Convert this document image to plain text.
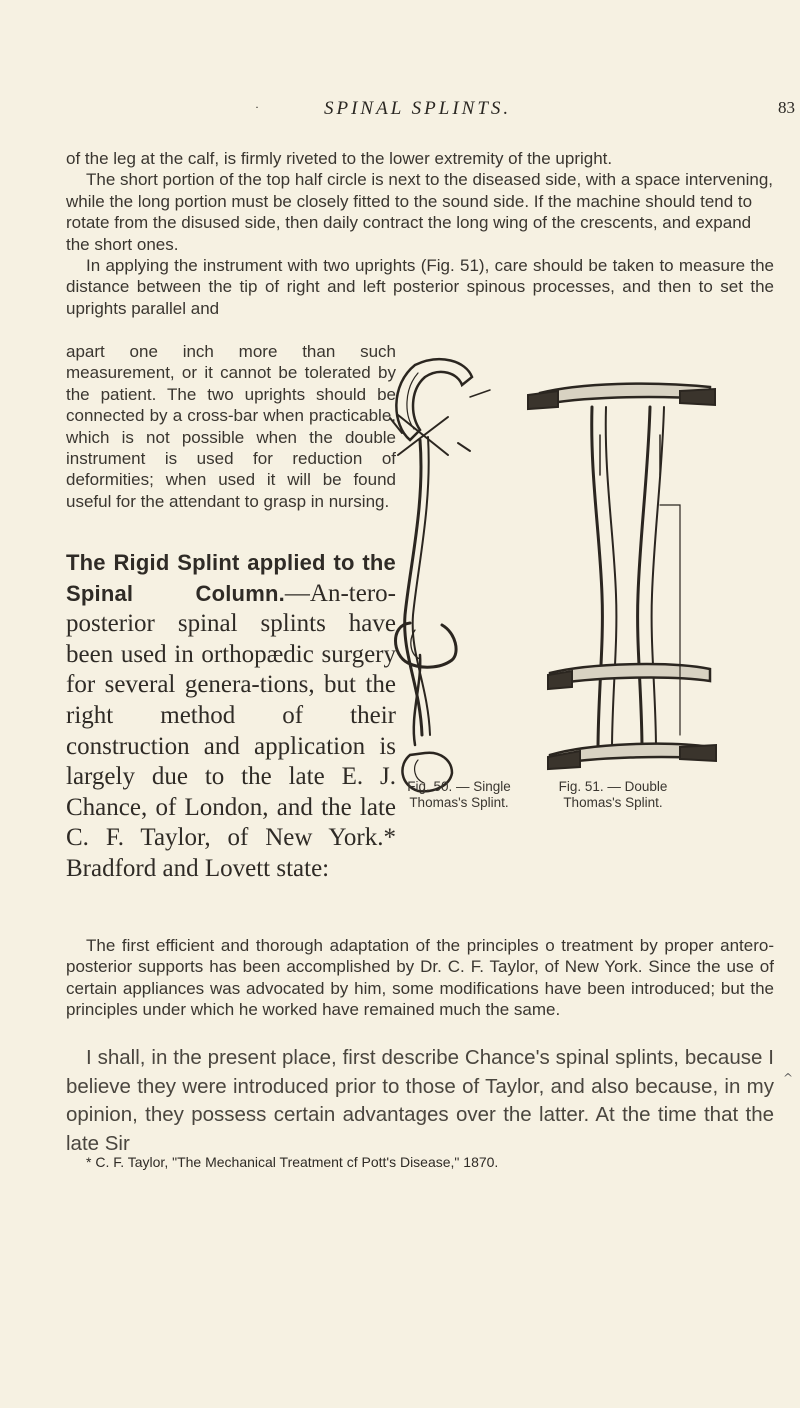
·	SPINAL SPLINTS.	83

of the leg at the calf, is firmly riveted to the lower extremity of the upright.

The short portion of the top half circle is next to the diseased side, with a space intervening, while the long portion must be closely fitted to the sound side. If the machine should tend to rotate from the disused side, then daily contract the long wing of the crescents, and expand the short ones.

In applying the instrument with two uprights (Fig. 51), care should be taken to measure the distance between the tip of right and left posterior spinous processes, and then to set the uprights parallel and

apart one inch more than such measurement, or it cannot be tolerated by the patient. The two uprights should be connected by a cross-bar when practicable, which is not possible when the double instrument is used for reduction of deformities; when used it will be found useful for the attendant to grasp in nursing.

The Rigid Splint applied to the Spinal Column.—An-tero-posterior spinal splints have been used in orthopædic surgery for several genera-tions, but the right method of their construction and application is largely due to the late E. J. Chance, of London, and the late C. F. Taylor, of New York.* Bradford and Lovett state:
Fig. 50. — Single
Thomas's Splint.
Fig. 51. — Double
Thomas's Splint.

The first efficient and thorough adaptation of the principles o treatment by proper antero-posterior supports has been accomplished by Dr. C. F. Taylor, of New York. Since the use of certain appliances was advocated by him, some modifications have been introduced; but the principles under which he worked have remained much the same.

I shall, in the present place, first describe Chance's spinal splints, because I believe they were introduced prior to those of Taylor, and also because, in my opinion, they possess certain advantages over the latter. At the time that the late Sir

* C. F. Taylor, "The Mechanical Treatment cf Pott's Disease," 1870.
^
